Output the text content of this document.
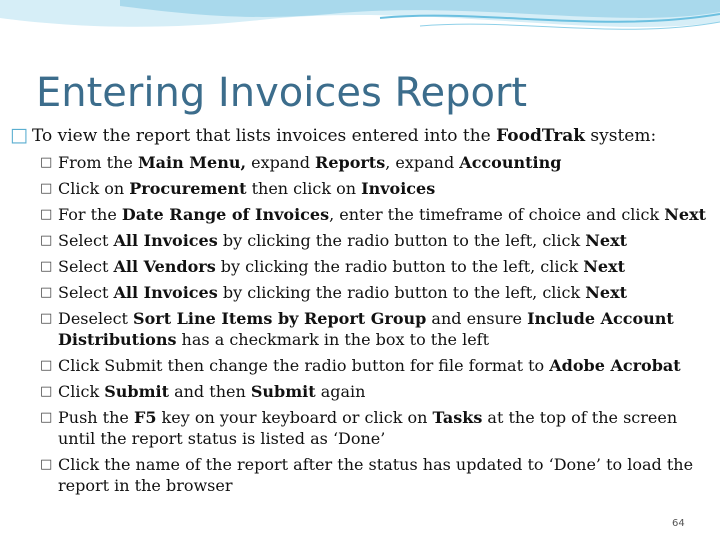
Entering Invoices Report
□ To view the report that lists invoices entered into the FoodTrak system:
□ From the Main Menu, expand Reports, expand Accounting
□ Click on Procurement then click on Invoices
□ For the Date Range of Invoices, enter the timeframe of choice and click Next
□ Select All Invoices by clicking the radio button to the left, click Next
□ Select All Vendors by clicking the radio button to the left, click Next
□ Select All Invoices by clicking the radio button to the left, click Next
□ Deselect Sort Line Items by Report Group and ensure Include Account Distributions has a checkmark in the box to the left
□ Click Submit then change the radio button for file format to Adobe Acrobat
□ Click Submit and then Submit again
□ Push the F5 key on your keyboard or click on Tasks at the top of the screen until the report status is listed as ‘Done’
□ Click the name of the report after the status has updated to ‘Done’ to load the report in the browser
64
